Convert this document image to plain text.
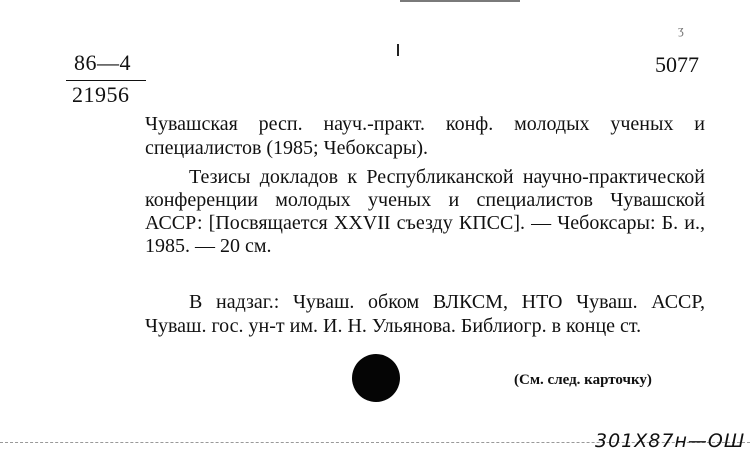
86—4
21956
ʒ
5077

Чувашская респ. науч.-практ. конф. молодых ученых и специалистов (1985; Чебоксары).

Тезисы докладов к Республиканской научно-практической конференции молодых ученых и специалистов Чувашской АССР: [Посвящается XXVII съезду КПСС]. — Чебоксары: Б. и., 1985. — 20 см.

В надзаг.: Чуваш. обком ВЛКСМ, НТО Чуваш. АССР, Чуваш. гос. ун-т им. И. Н. Ульянова. Библиогр. в конце ст.

(См. след. карточку)
301Х87н—ОШ
